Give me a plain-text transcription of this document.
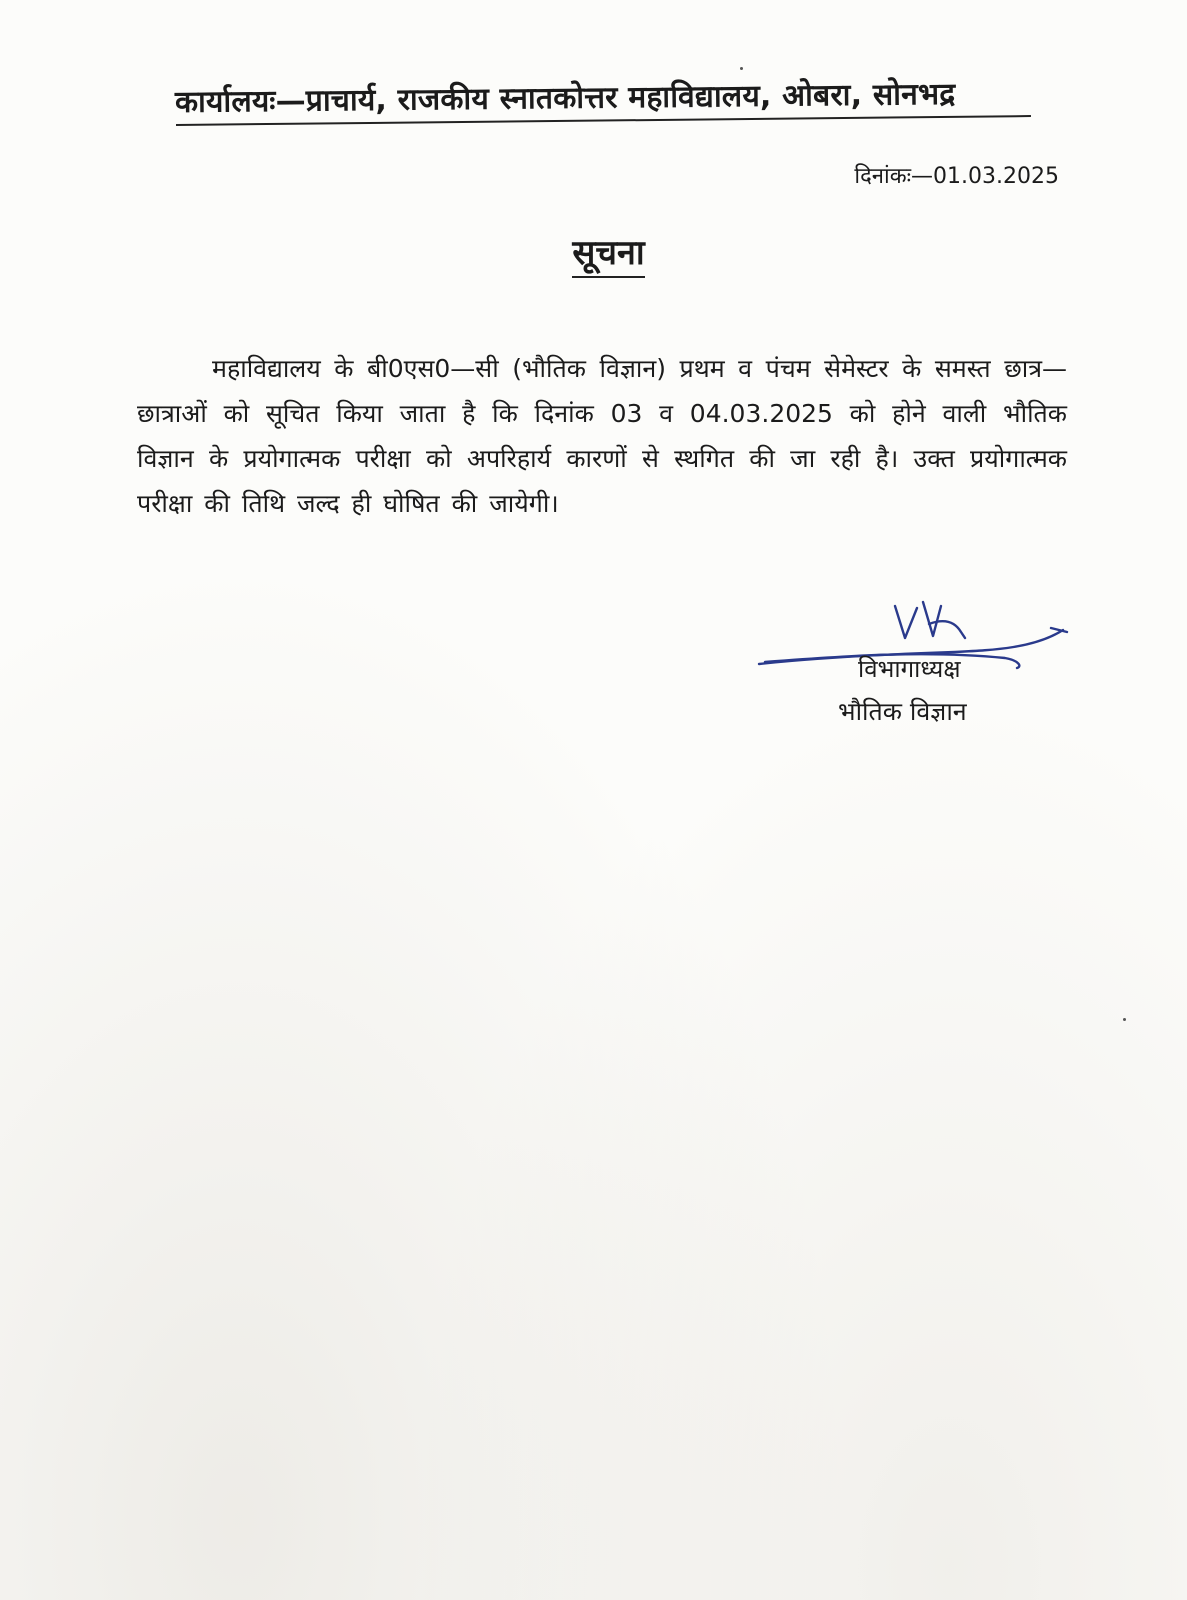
कार्यालयः—प्राचार्य, राजकीय स्नातकोत्तर महाविद्यालय, ओबरा, सोनभद्र
दिनांकः—01.03.2025
सूचना
महाविद्यालय के बी0एस0—सी (भौतिक विज्ञान) प्रथम व पंचम सेमेस्टर के समस्त छात्र—छात्राओं को सूचित किया जाता है कि दिनांक 03 व 04.03.2025 को होने वाली भौतिक विज्ञान के प्रयोगात्मक परीक्षा को अपरिहार्य कारणों से स्थगित की जा रही है। उक्त प्रयोगात्मक परीक्षा की तिथि जल्द ही घोषित की जायेगी।
विभागाध्यक्ष
भौतिक विज्ञान
